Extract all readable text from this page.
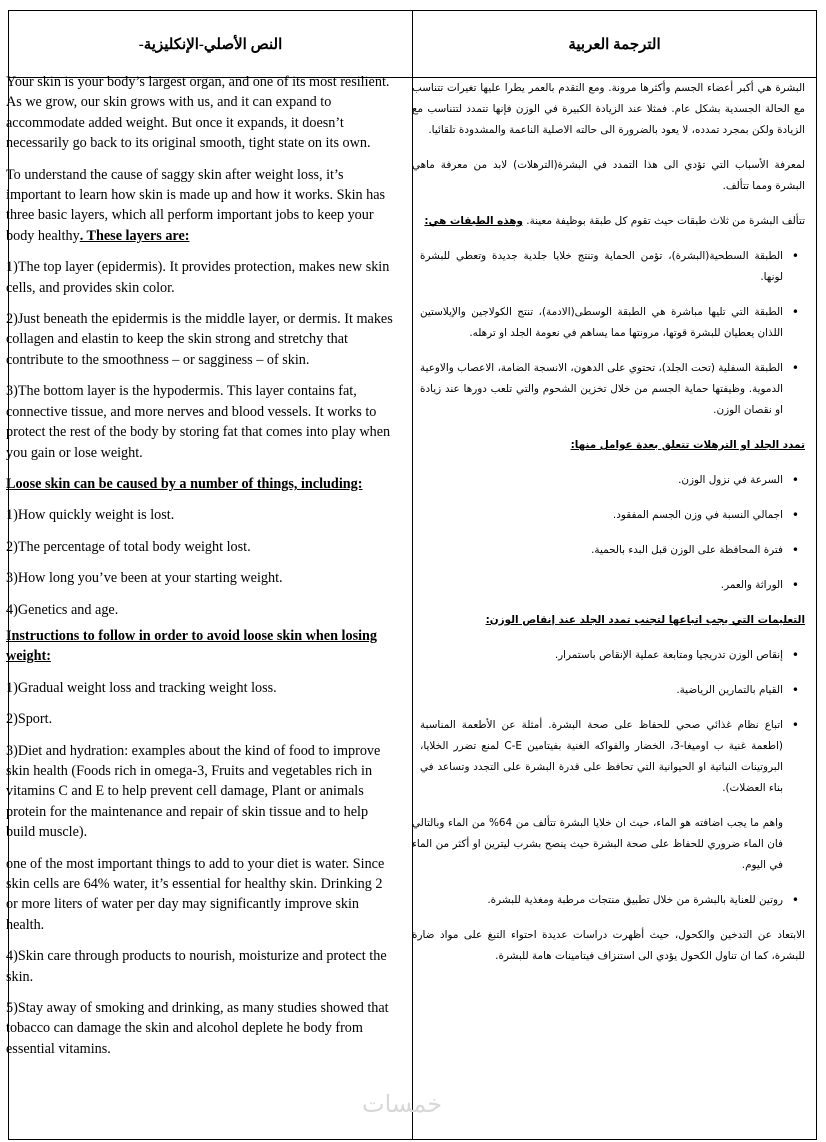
النص الأصلي-الإنكليزية-	الترجمة العربية

Your skin is your body’s largest organ, and one of its most resilient. As we grow, our skin grows with us, and it can expand to accommodate added weight. But once it expands, it doesn’t necessarily go back to its original smooth, tight state on its own.

To understand the cause of saggy skin after weight loss, it’s important to learn how skin is made up and how it works. Skin has three basic layers, which all perform important jobs to keep your body healthy. These layers are:

1)The top layer (epidermis). It provides protection, makes new skin cells, and provides skin color.

2)Just beneath the epidermis is the middle layer, or dermis. It makes collagen and elastin to keep the skin strong and stretchy that contribute to the smoothness – or sagginess – of skin.

3)The bottom layer is the hypodermis. This layer contains fat, connective tissue, and more nerves and blood vessels. It works to protect the rest of the body by storing fat that comes into play when you gain or lose weight.

Loose skin can be caused by a number of things, including:

1)How quickly weight is lost.

2)The percentage of total body weight lost.

3)How long you’ve been at your starting weight.

4)Genetics and age.

Instructions to follow in order to avoid loose skin when losing weight:

1)Gradual weight loss and tracking weight loss.

2)Sport.

3)Diet and hydration: examples about the kind of food to improve skin health (Foods rich in omega-3, Fruits and vegetables rich in vitamins C and E to help prevent cell damage, Plant or animals protein for the maintenance and repair of skin tissue and to help build muscle).

one of the most important things to add to your diet is water. Since skin cells are 64% water, it’s essential for healthy skin. Drinking 2 or more liters of water per day may significantly improve skin health.

4)Skin care through products to nourish, moisturize and protect the skin.

5)Stay away of smoking and drinking, as many studies showed that tobacco can damage the skin and alcohol deplete he body from essential vitamins.

البشرة هي أكبر أعضاء الجسم وأكثرها مرونة. ومع التقدم بالعمر يطرا عليها تغيرات تتناسب مع الحالة الجسدية بشكل عام. فمثلا عند الزيادة الكبيرة في الوزن فإنها تتمدد لتتناسب مع الزيادة ولكن بمجرد تمدده، لا يعود بالضرورة الى حالته الاصلية الناعمة والمشدودة تلقائيا.

لمعرفة الأسباب التي تؤدي الى هذا التمدد في البشرة(الترهلات) لابد من معرفة ماهي البشرة ومما تتألف.

تتألف البشرة من ثلاث طبقات حيث تقوم كل طبقة بوظيفة معينة. وهذه الطبقات هي:

• الطبقة السطحية(البشرة)، تؤمن الحماية وتنتج خلايا جلدية جديدة وتعطي للبشرة لونها.
• الطبقة التي تليها مباشرة هي الطبقة الوسطى(الادمة)، تنتج الكولاجين والإيلاستين اللذان يعطيان للبشرة قوتها، مرونتها مما يساهم في نعومة الجلد او ترهله.
• الطبقة السفلية (تحت الجلد)، تحتوي على الدهون، الانسجة الضامة، الاعصاب والاوعية الدموية. وظيفتها حماية الجسم من خلال تخزين الشحوم والتي تلعب دورها عند زيادة او نقصان الوزن.

تمدد الجلد او الترهلات تتعلق بعدة عوامل منها:

• السرعة في نزول الوزن.
• اجمالي النسبة في وزن الجسم المفقود.
• فترة المحافظة على الوزن قبل البدء بالحمية.
• الوراثة والعمر.

التعليمات التي يجب اتباعها لتجنب تمدد الجلد عند إنقاص الوزن:

• إنقاص الوزن تدريجيا ومتابعة عملية الإنقاص باستمرار.
• القيام بالتمارين الرياضية.
• اتباع نظام غذائي صحي للحفاظ على صحة البشرة. أمثلة عن الأطعمة المناسبة (اطعمة غنية ب اوميغا-3، الخضار والفواكه الغنية بفيتامين C-E لمنع تضرر الخلايا، البروتينات النباتية او الحيوانية التي تحافظ على قدرة البشرة على التجدد وتساعد في بناء العضلات).

واهم ما يجب اضافته هو الماء، حيث ان خلايا البشرة تتألف من 64% من الماء وبالتالي فان الماء ضروري للحفاظ على صحة البشرة حيث ينصح بشرب ليترين او أكثر من الماء في اليوم.

• روتين للعناية بالبشرة من خلال تطبيق منتجات مرطبة ومغذية للبشرة.

الابتعاد عن التدخين والكحول، حيث أظهرت دراسات عديدة احتواء التبغ على مواد ضارة للبشرة، كما ان تناول الكحول يؤدي الى استنزاف فيتامينات هامة للبشرة.

خمسات
